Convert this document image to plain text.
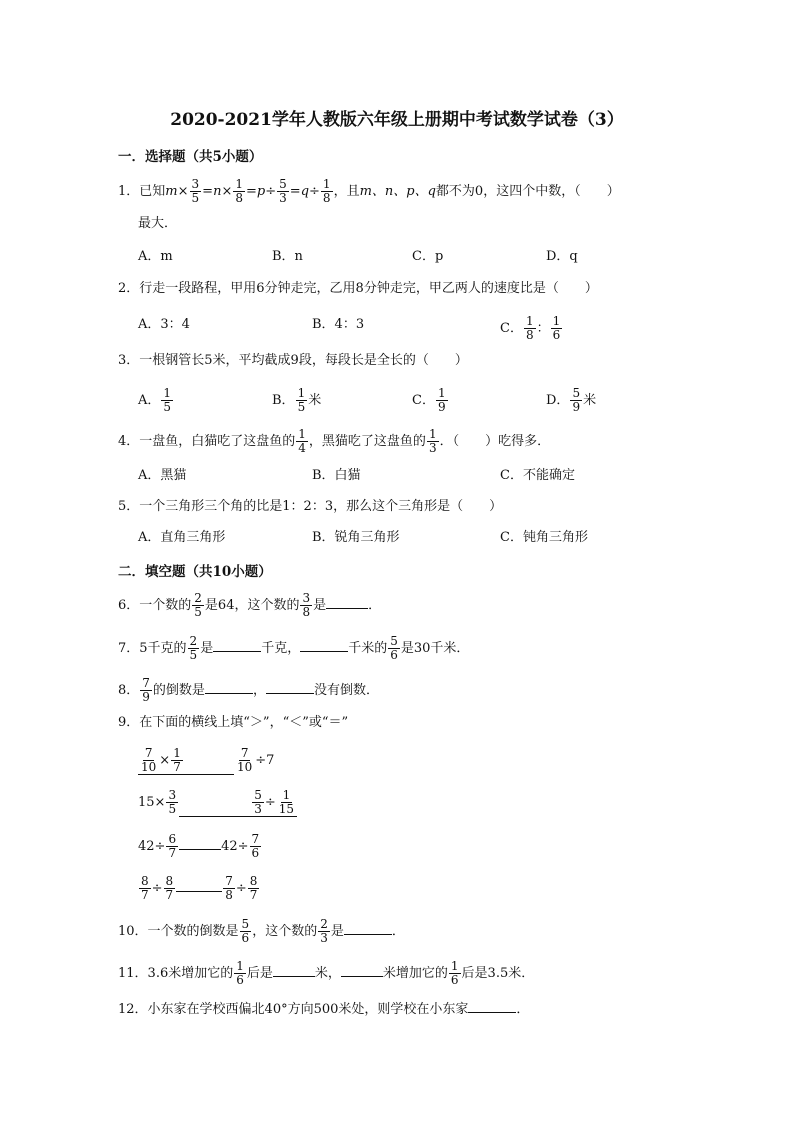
2020-2021学年人教版六年级上册期中考试数学试卷（3）
一．选择题（共5小题）
1．已知$m\times \frac{3}{5} =n\times \frac{1}{8} =p\div \frac{5}{3} =q\div \frac{1}{8}$ ，且m、n、p、q都不为0，这四个中数，（　　）
最大．
A．m	B．n	C．p	D．q
2．行走一段路程，甲用6分钟走完，乙用8分钟走完，甲乙两人的速度比是（　　）
A．3：4	B．4：3	C． $\frac{1}{8}$ ： $\frac{1}{6}$
3．一根钢管长5米，平均截成9段，每段长是全长的（　　）
A． $\frac{1}{5}$	B． $\frac{1}{5}$ 米	C． $\frac{1}{9}$	D． $\frac{5}{9}$ 米
4．一盘鱼，白猫吃了这盘鱼的 $\frac{1}{4}$ ，黑猫吃了这盘鱼的 $\frac{1}{3}$ ．（　　）吃得多．
A．黑猫	B．白猫	C．不能确定
5．一个三角形三个角的比是1：2：3，那么这个三角形是（　　）
A．直角三角形	B．锐角三角形	C．钝角三角形
二．填空题（共10小题）
6．一个数的 $\frac{2}{5}$ 是64，这个数的 $\frac{3}{8}$ 是	．
7．5千克的 $\frac{2}{5}$ 是	千克，	千米的 $\frac{5}{6}$ 是30千米．
8． $\frac{7}{9}$ 的倒数是	，	没有倒数．
9．在下面的横线上填“＞”，“＜”或“＝”
$\frac{7}{10} \times \frac{1}{7}$	$\frac{7}{10} \div 7$
$15\times \frac{3}{5}$	$\frac{5}{3} \div \frac{1}{15}$
$42\div \frac{6}{7}$	$42\div \frac{7}{6}$
$\frac{8}{7} \div \frac{8}{7}$	$\frac{7}{8} \div \frac{8}{7}$
10．一个数的倒数是 $\frac{5}{6}$ ，这个数的 $\frac{2}{3}$ 是	．
11．3.6米增加它的 $\frac{1}{6}$ 后是	米，	米增加它的 $\frac{1}{6}$ 后是3.5米．
12．小东家在学校西偏北40°方向500米处，则学校在小东家	．
